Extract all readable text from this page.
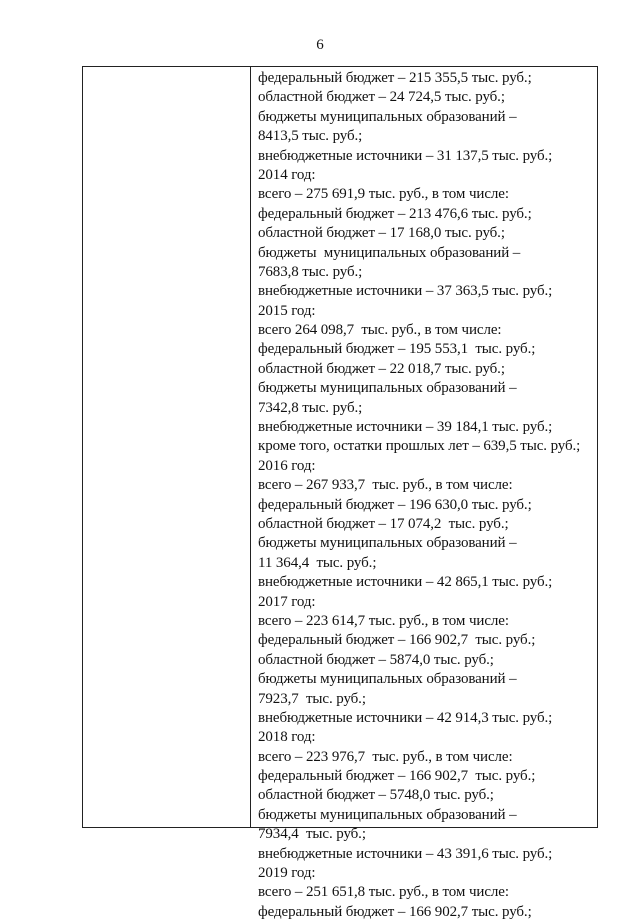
6
федеральный бюджет – 215 355,5 тыс. руб.;
областной бюджет – 24 724,5 тыс. руб.;
бюджеты муниципальных образований –
8413,5 тыс. руб.;
внебюджетные источники – 31 137,5 тыс. руб.;
2014 год:
всего – 275 691,9 тыс. руб., в том числе:
федеральный бюджет – 213 476,6 тыс. руб.;
областной бюджет – 17 168,0 тыс. руб.;
бюджеты  муниципальных образований –
7683,8 тыс. руб.;
внебюджетные источники – 37 363,5 тыс. руб.;
2015 год:
всего 264 098,7  тыс. руб., в том числе:
федеральный бюджет – 195 553,1  тыс. руб.;
областной бюджет – 22 018,7 тыс. руб.;
бюджеты муниципальных образований –
7342,8 тыс. руб.;
внебюджетные источники – 39 184,1 тыс. руб.;
кроме того, остатки прошлых лет – 639,5 тыс. руб.;
2016 год:
всего – 267 933,7  тыс. руб., в том числе:
федеральный бюджет – 196 630,0 тыс. руб.;
областной бюджет – 17 074,2  тыс. руб.;
бюджеты муниципальных образований –
11 364,4  тыс. руб.;
внебюджетные источники – 42 865,1 тыс. руб.;
2017 год:
всего – 223 614,7 тыс. руб., в том числе:
федеральный бюджет – 166 902,7  тыс. руб.;
областной бюджет – 5874,0 тыс. руб.;
бюджеты муниципальных образований –
7923,7  тыс. руб.;
внебюджетные источники – 42 914,3 тыс. руб.;
2018 год:
всего – 223 976,7  тыс. руб., в том числе:
федеральный бюджет – 166 902,7  тыс. руб.;
областной бюджет – 5748,0 тыс. руб.;
бюджеты муниципальных образований –
7934,4  тыс. руб.;
внебюджетные источники – 43 391,6 тыс. руб.;
2019 год:
всего – 251 651,8 тыс. руб., в том числе:
федеральный бюджет – 166 902,7 тыс. руб.;
